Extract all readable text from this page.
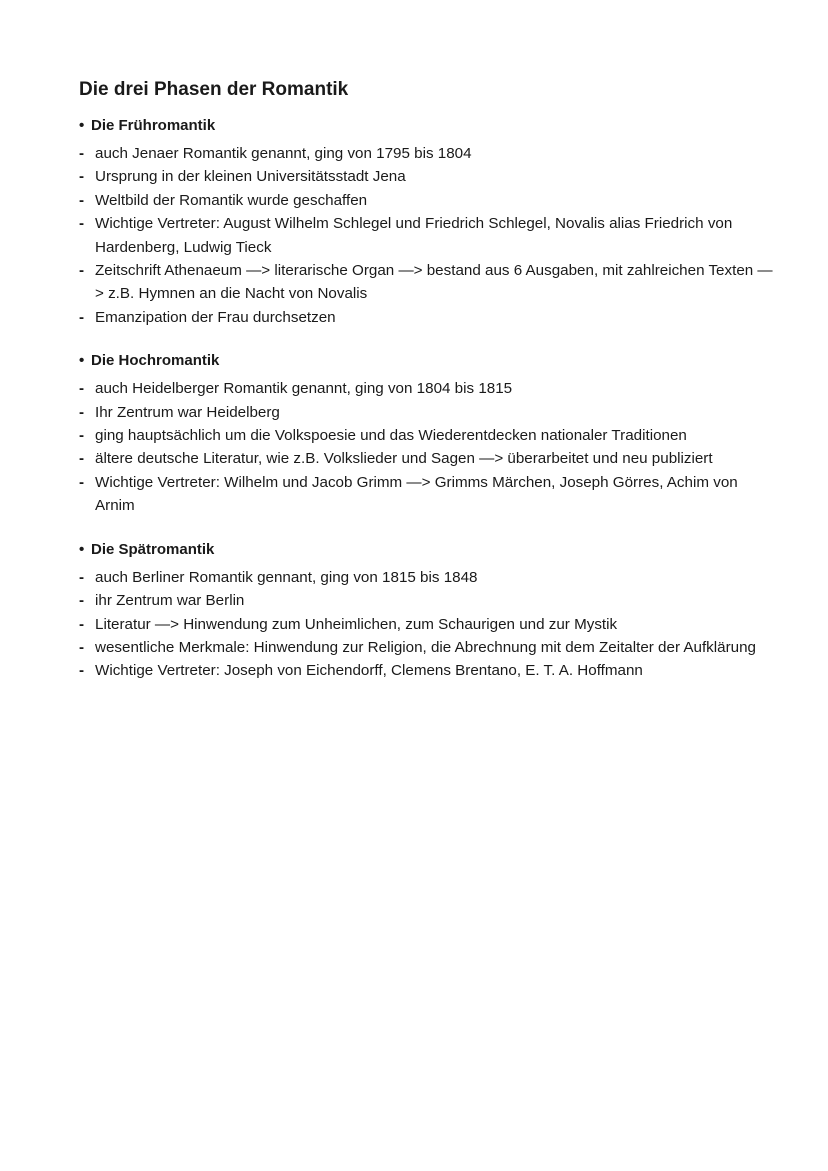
Die drei Phasen der Romantik
• Die Frühromantik
- auch Jenaer Romantik genannt, ging von 1795 bis 1804
- Ursprung in der kleinen Universitätsstadt Jena
- Weltbild der Romantik wurde geschaffen
- Wichtige Vertreter: August Wilhelm Schlegel und Friedrich Schlegel, Novalis alias Friedrich von Hardenberg, Ludwig Tieck
- Zeitschrift Athenaeum —> literarische Organ —> bestand aus 6 Ausgaben, mit zahlreichen Texten —> z.B. Hymnen an die Nacht von Novalis
- Emanzipation der Frau durchsetzen
• Die Hochromantik
- auch Heidelberger Romantik genannt, ging von 1804 bis 1815
- Ihr Zentrum war Heidelberg
- ging hauptsächlich um die Volkspoesie und das Wiederentdecken nationaler Traditionen
- ältere deutsche Literatur, wie z.B. Volkslieder und Sagen —> überarbeitet und neu publiziert
- Wichtige Vertreter: Wilhelm und Jacob Grimm —> Grimms Märchen, Joseph Görres, Achim von Arnim
• Die Spätromantik
- auch Berliner Romantik gennant, ging von 1815 bis 1848
- ihr Zentrum war Berlin
- Literatur —> Hinwendung zum Unheimlichen, zum Schaurigen und zur Mystik
- wesentliche Merkmale: Hinwendung zur Religion, die Abrechnung mit dem Zeitalter der Aufklärung
- Wichtige Vertreter: Joseph von Eichendorff, Clemens Brentano, E. T. A. Hoffmann
